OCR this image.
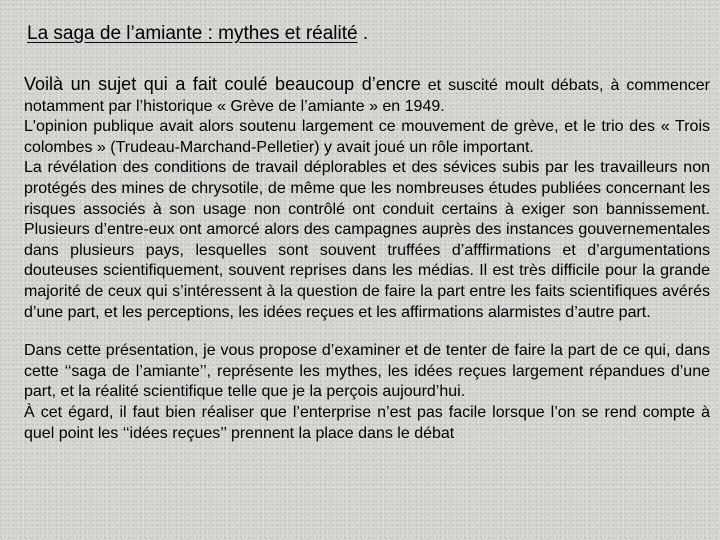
La saga de l’amiante : mythes et réalité .

Voilà un sujet qui a fait coulé beaucoup d’encre et suscité moult débats, à commencer notamment par l’historique « Grève de l’amiante » en 1949.

L'opinion publique avait alors soutenu largement ce mouvement de grève, et le trio des « Trois colombes » (Trudeau-Marchand-Pelletier) y avait joué un rôle important.

La révélation des conditions de travail déplorables et des sévices subis par les travailleurs non protégés des mines de chrysotile, de même que les nombreuses études publiées concernant les risques associés à son usage non contrôlé ont conduit certains à exiger son bannissement. Plusieurs d’entre-eux ont amorcé alors des campagnes auprès des instances gouvernementales dans plusieurs pays, lesquelles sont souvent truffées d’afffirmations et d’argumentations douteuses scientifiquement, souvent reprises dans les médias. Il est très difficile pour la grande majorité de ceux qui s’intéressent à la question de faire la part entre les faits scientifiques avérés d’une part, et les perceptions, les idées reçues et les affirmations alarmistes d’autre part.

Dans cette présentation, je vous propose d’examiner et de tenter de faire la part de ce qui, dans cette ‘‘saga de l’amiante’’, représente les mythes, les idées reçues largement répandues d’une part, et la réalité scientifique telle que je la perçois aujourd’hui.

À cet égard, il faut bien réaliser que l’enterprise n’est pas facile lorsque l’on se rend compte à quel point les ‘‘idées reçues’’ prennent la place dans le débat
